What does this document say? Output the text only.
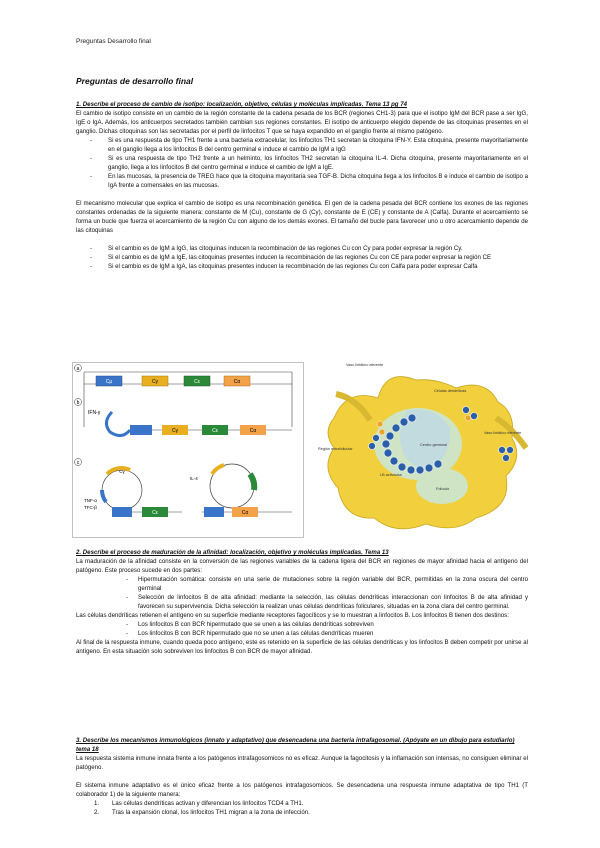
Preguntas Desarrollo final
Preguntas de desarrollo final
1. Describe el proceso de cambio de isotipo: localización, objetivo, células y moléculas implicadas. Tema 13 pg 74

El cambio de isotipo consiste en un cambio de la región constante de la cadena pesada de los BCR (regiones CH1-3) para que el isotipo IgM del BCR pase a ser IgG, IgE o IgA. Además, los anticuerpos secretados también cambian sus regiones constantes. El isotipo de anticuerpo elegido depende de las citoquinas presentes en el ganglio. Dichas citoquinas son las secretadas por el perfil de linfocitos T que se haya expandido en el ganglio frente al mismo patógeno.

- Si es una respuesta de tipo TH1 frente a una bacteria extracelular, los linfocitos TH1 secretan la citoquina IFN-Y. Esta citoquina, presente mayoritariamente en el ganglio llega a los linfocitos B del centro germinal e induce el cambio de IgM a IgG
- Si es una respuesta de tipo TH2 frente a un helminto, los linfocitos TH2 secretan la citoquina IL-4. Dicha citoquina, presente mayoritariamente en el ganglio, llega a los linfocitos B del centro germinal e induce el cambio de IgM a IgE.
- En las mucosas, la presencia de TREG hace que la citoquina mayoritaria sea TGF-B. Dicha citoquina llega a los linfocitos B e induce el cambio de isotipo a IgA frente a comensales en las mucosas.

El mecanismo molecular que explica el cambio de isotipo es una recombinación genética. El gen de la cadena pesada del BCR contiene los exones de las regiones constantes ordenadas de la siguiente manera: constante de M (Cu), constante de G (Cy), constante de E (CE) y constante de A (Calfa). Durante el acercamiento se forma un bucle que fuerza el acercamiento de la región Cu con alguno de los demás exones. El tamaño del bucle para favorecer uno u otro acercamiento depende de las citoquinas

- Si el cambio es de IgM a IgG, las citoquinas inducen la recombinación de las regiones Cu con Cy para poder expresar la región Cy.
- Si el cambio es de IgM a IgE, las citoquinas presentes inducen la recombinación de las regiones Cu con CE para poder expresar la región CE
- Si el cambio es de IgM a IgA, las citoquinas presentes inducen la recombinación de las regiones Cu con Calfa para poder expresar Calfa
a
Cμ	Cγ	Cε	Cα
b
IFN-γ
Cγ	Cε	Cα
c
Cγ
TNF-α
TFC-β
Cε
IL-4
Cα
Vaso linfático aferente
Células dendríticas
Vaso linfático eferente
Región extrafolicular
Centro germinal
LB activados
Folículo
2. Describe el proceso de maduración de la afinidad: localización, objetivo y moléculas implicadas. Tema 13

La maduración de la afinidad consiste en la conversión de las regiones variables de la cadena ligera del BCR en regiones de mayor afinidad hacia el antígeno del patógeno. Este proceso sucede en dos partes:

- Hipermutación somática: consiste en una serie de mutaciones sobre la región variable del BCR, permitidas en la zona oscura del centro germinal
- Selección de linfocitos B de alta afinidad: mediante la selección, las células dendríticas interaccionan con linfocitos B de alta afinidad y favorecen su supervivencia. Dicha selección la realizan unas células dendríticas foliculares, situadas en la zona clara del centro germinal.

Las células dendríticas retienen el antígeno en su superficie mediante receptores fagocíticos y se lo muestran a linfocitos B. Los linfocitos B tienen dos destinos:

- Los linfocitos B con BCR hipermutado que se unen a las células dendríticas sobreviven
- Los linfocitos B con BCR hipermutado que no se unen a las células dendríticas mueren

Al final de la respuesta inmune, cuando queda poco antígeno, este es retenido en la superficie de las células dendríticas y los linfocitos B deben competir por unirse al antígeno. En esta situación solo sobreviven los linfocitos B con BCR de mayor afinidad.

3. Describe los mecanismos inmunológicos (innato y adaptativo) que desencadena una bacteria intrafagosomal. (Apóyate en un dibujo para estudiarlo) tema 18

La respuesta sistema inmune innata frente a los patógenos intrafagosomicos no es eficaz. Aunque la fagocitosis y la inflamación son intensas, no consiguen eliminar el patógeno.

El sistema inmune adaptativo es el único eficaz frente a los patógenos intrafagosomicos. Se desencadena una respuesta inmune adaptativa de tipo TH1 (T colaborador 1) de la siguiente manera:

1. Las células dendríticas activan y diferencian los linfocitos TCD4 a TH1.
2. Tras la expansión clonal, los linfocitos TH1 migran a la zona de infección.
